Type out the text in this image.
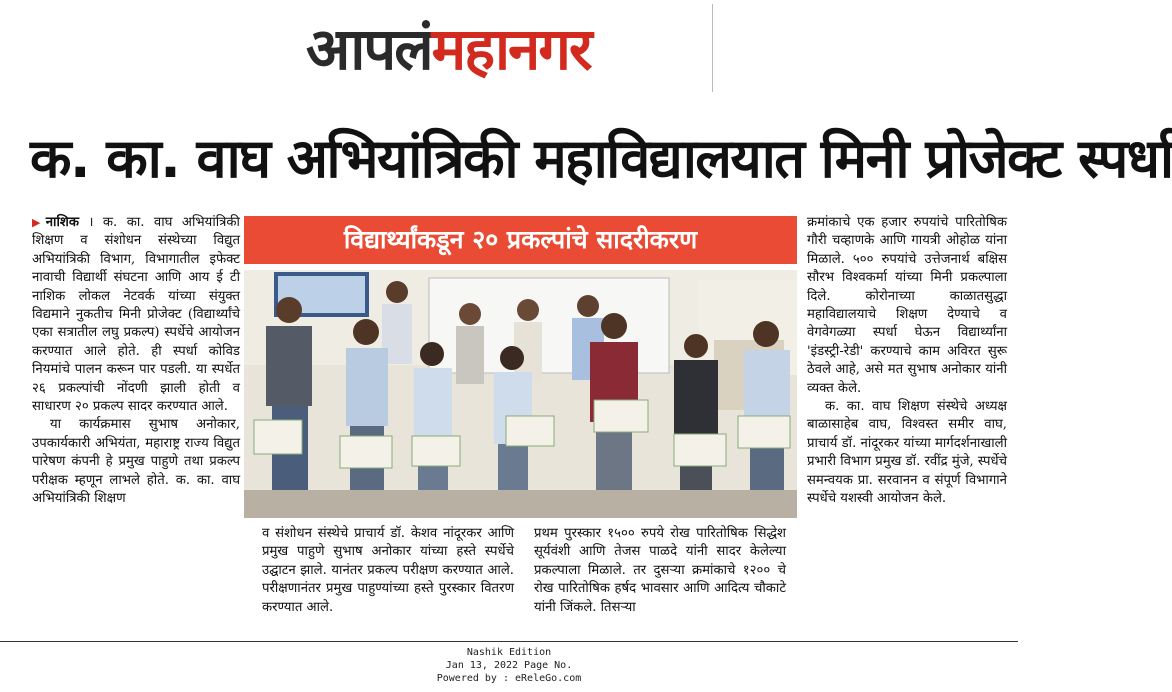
आपलंमहानगर
क. का. वाघ अभियांत्रिकी महाविद्यालयात मिनी प्रोजेक्ट स्पर्धा

▶नाशिक । क. का. वाघ अभियांत्रिकी शिक्षण व संशोधन संस्थेच्या विद्युत अभियांत्रिकी विभाग, विभागातील इफेक्ट नावाची विद्यार्थी संघटना आणि आय ई टी नाशिक लोकल नेटवर्क यांच्या संयुक्त विद्यमाने नुकतीच मिनी प्रोजेक्ट (विद्यार्थ्यांचे एका सत्रातील लघु प्रकल्प) स्पर्धेचे आयोजन करण्यात आले होते. ही स्पर्धा कोविड नियमांचे पालन करून पार पडली. या स्पर्धेत २६ प्रकल्पांची नोंदणी झाली होती व साधारण २० प्रकल्प सादर करण्यात आले.

या कार्यक्रमास सुभाष अनोकार, उपकार्यकारी अभियंता, महाराष्ट्र राज्य विद्युत पारेषण कंपनी हे प्रमुख पाहुणे तथा प्रकल्प परीक्षक म्हणून लाभले होते. क. का. वाघ अभियांत्रिकी शिक्षण

विद्यार्थ्यांकडून २० प्रकल्पांचे सादरीकरण

व संशोधन संस्थेचे प्राचार्य डॉ. केशव नांदूरकर आणि प्रमुख पाहुणे सुभाष अनोकार यांच्या हस्ते स्पर्धेचे उद्घाटन झाले. यानंतर प्रकल्प परीक्षण करण्यात आले. परीक्षणानंतर प्रमुख पाहुण्यांच्या हस्ते पुरस्कार वितरण करण्यात आले.

प्रथम पुरस्कार १५०० रुपये रोख पारितोषिक सिद्धेश सूर्यवंशी आणि तेजस पाळदे यांनी सादर केलेल्या प्रकल्पाला मिळाले. तर दुसऱ्या क्रमांकाचे १२०० चे रोख पारितोषिक हर्षद भावसार आणि आदित्य चौकाटे यांनी जिंकले. तिसऱ्या

क्रमांकाचे एक हजार रुपयांचे पारितोषिक गौरी चव्हाणके आणि गायत्री ओहोळ यांना मिळाले. ५०० रुपयांचे उत्तेजनार्थ बक्षिस सौरभ विश्वकर्मा यांच्या मिनी प्रकल्पाला दिले. कोरोनाच्या काळातसुद्धा महाविद्यालयाचे शिक्षण देण्याचे व वेगवेगळ्या स्पर्धा घेऊन विद्यार्थ्यांना 'इंडस्ट्री-रेडी' करण्याचे काम अविरत सुरू ठेवले आहे, असे मत सुभाष अनोकार यांनी व्यक्त केले.

क. का. वाघ शिक्षण संस्थेचे अध्यक्ष बाळासाहेब वाघ, विश्वस्त समीर वाघ, प्राचार्य डॉ. नांदूरकर यांच्या मार्गदर्शनाखाली प्रभारी विभाग प्रमुख डॉ. रवींद्र मुंजे, स्पर्धेचे समन्वयक प्रा. सरवानन व संपूर्ण विभागाने स्पर्धेचे यशस्वी आयोजन केले.

Nashik Edition
Jan 13, 2022 Page No.
Powered by : eReleGo.com
